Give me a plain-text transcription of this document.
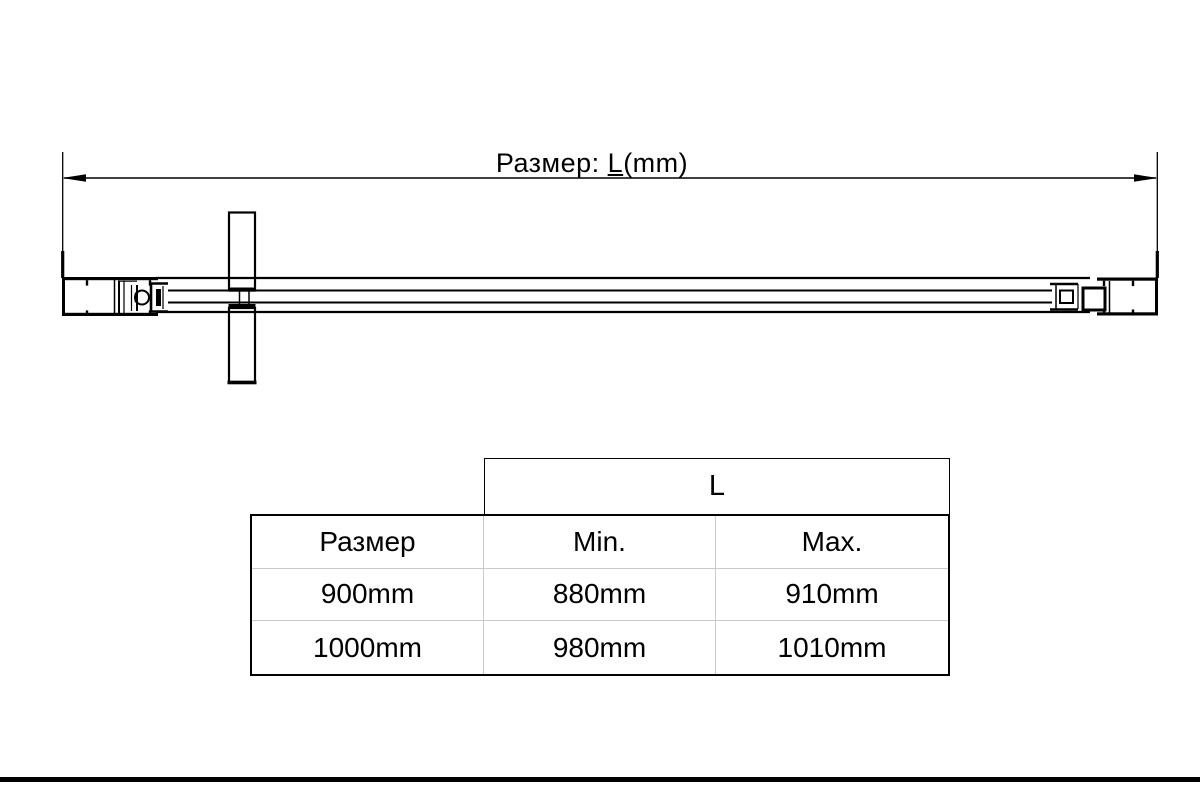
Размер: L(mm)
L
Размер	Min.	Max.
900mm	880mm	910mm
1000mm	980mm	1010mm
